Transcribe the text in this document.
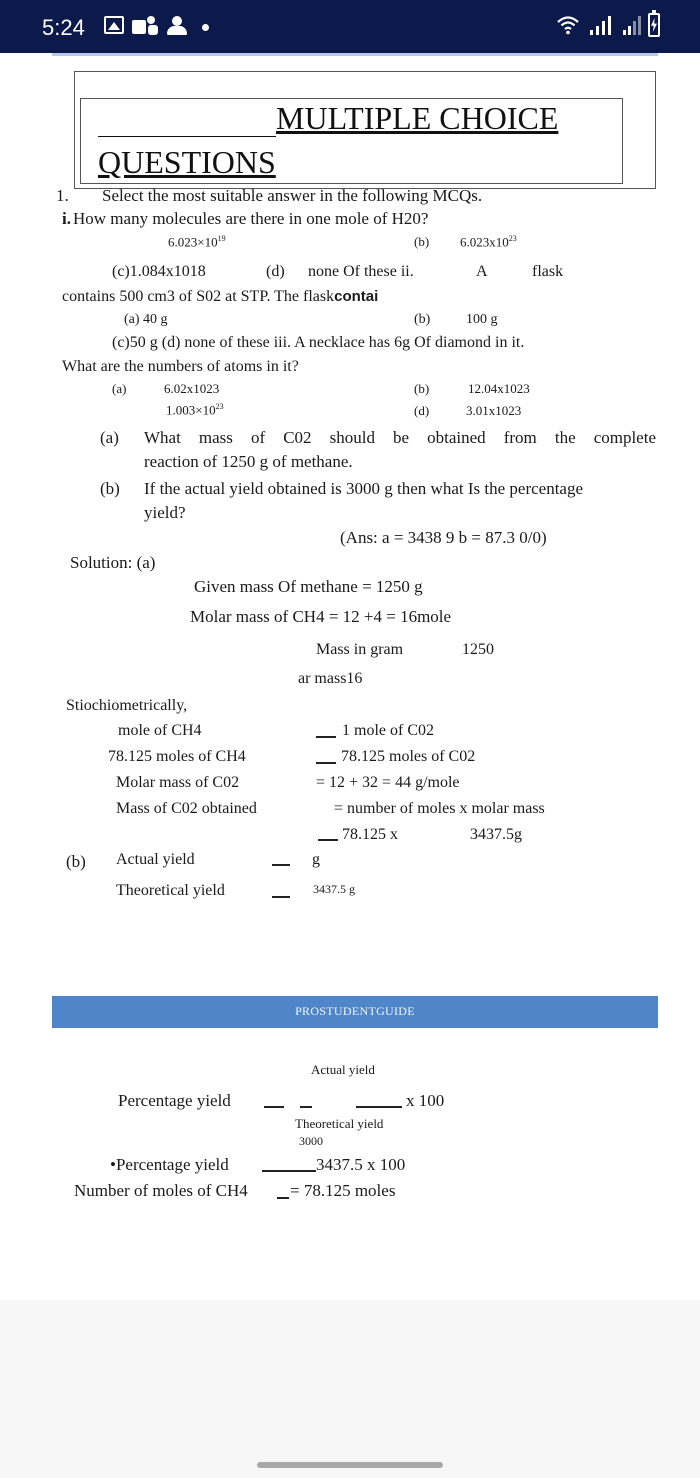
5:24
MULTIPLE CHOICE
QUESTIONS
1. Select the most suitable answer in the following MCQs.
i. How many molecules are there in one mole of H20?
$6.023\times 10^{19}$	(b) $6.023x10^{23}$
(c)1.084x1018	(d) none Of these ii.	A	flask
contains 500 cm3 of S02 at STP. The flaskcontai
(a) 40 g	(b)	100 g
(c)50 g (d) none of these iii. A necklace has 6g Of diamond in it.
What are the numbers of atoms in it?
(a)	6.02x1023	(b)	12.04x1023
$1.003\times 10^{23}$	(d)	3.01x1023
(a) What mass of C02 should be obtained from the complete
reaction of 1250 g of methane.
(b) If the actual yield obtained is 3000 g then what Is the percentage
yield?
(Ans: a = 3438 9 b = 87.3 0/0)
Solution: (a)
Given mass Of methane = 1250 g
Molar mass of CH4 = 12 +4 = 16mole
Mass in gram	1250
ar mass16
Stiochiometrically,
mole of CH4	1 mole of C02
78.125 moles of CH4	78.125 moles of C02
Molar mass of C02	= 12 + 32 = 44 g/mole
Mass of C02 obtained	= number of moles x molar mass
78.125 x	3437.5g
(b) Actual yield	g
Theoretical yield	3437.5 g
PROSTUDENTGUIDE
Actual yield
Percentage yield	x 100
Theoretical yield
3000
•Percentage yield	3437.5 x 100
Number of moles of CH4 = 78.125 moles
